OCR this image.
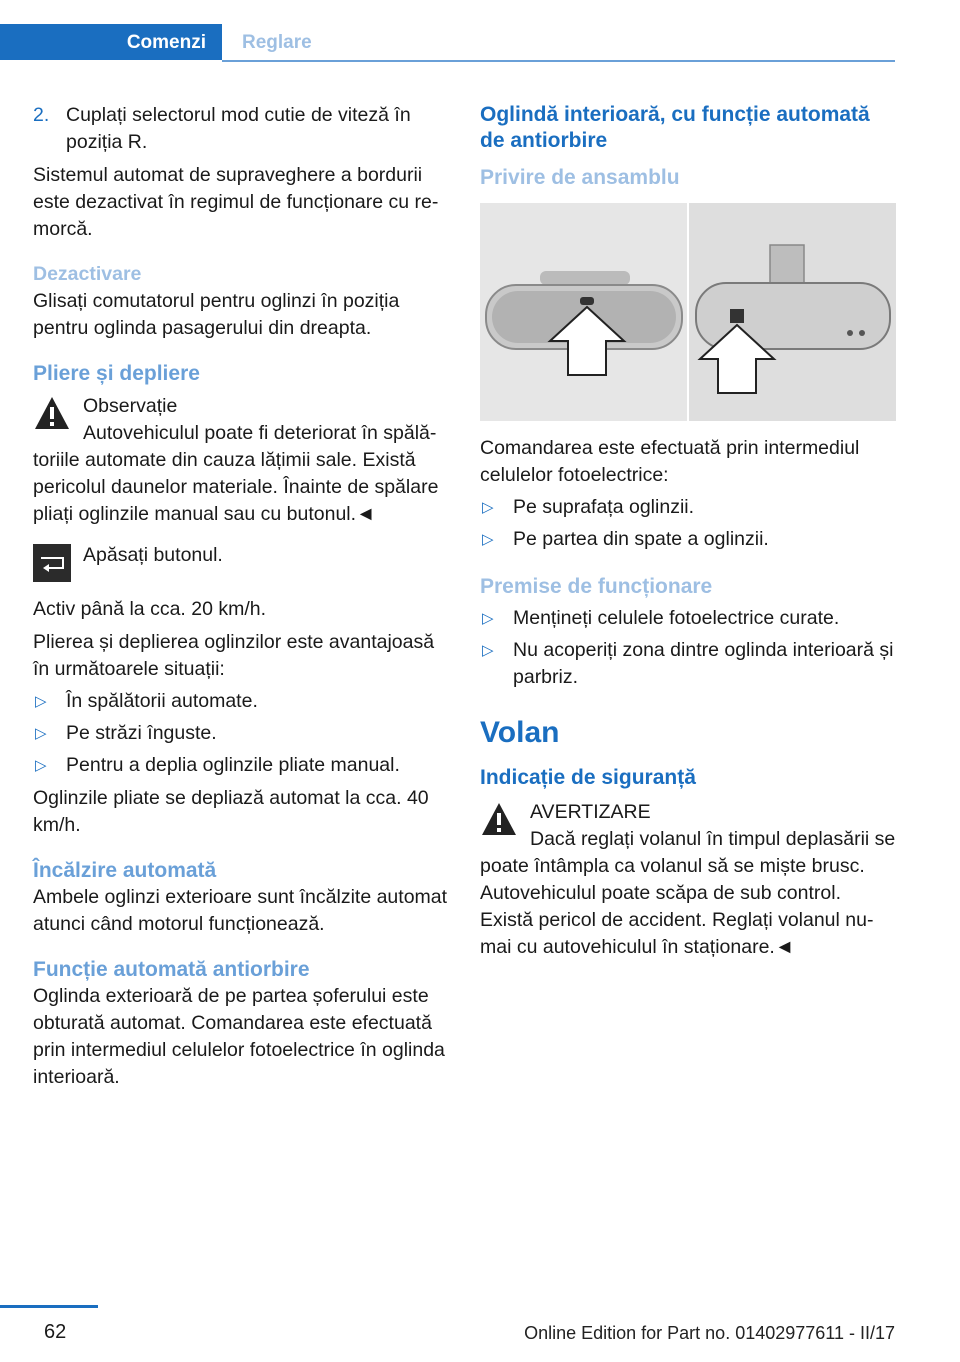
Comenzi Reglare
2. Cuplați selectorul mod cutie de viteză în poziția R.

Sistemul automat de supraveghere a bordurii este dezactivat în regimul de funcționare cu remorcă.

Dezactivare

Glisați comutatorul pentru oglinzi în poziția pentru oglinda pasagerului din dreapta.

Pliere și depliere

Observație

Autovehiculul poate fi deteriorat în spălătoriile automate din cauza lățimii sale. Există pericolul daunelor materiale. Înainte de spălare pliați oglinzile manual sau cu butonul.◄

Apăsați butonul.

Activ până la cca. 20 km/h.

Plierea și deplierea oglinzilor este avantajoasă în următoarele situații:

▷ În spălătorii automate.
▷ Pe străzi înguste.
▷ Pentru a deplia oglinzile pliate manual.

Oglinzile pliate se depliază automat la cca. 40 km/h.

Încălzire automată

Ambele oglinzi exterioare sunt încălzite automat atunci când motorul funcționează.

Funcție automată antiorbire

Oglinda exterioară de pe partea șoferului este obturată automat. Comandarea este efectuată prin intermediul celulelor fotoelectrice în oglinda interioară.

Oglindă interioară, cu funcție automată de antiorbire
Privire de ansamblu

Comandarea este efectuată prin intermediul celulelor fotoelectrice:

▷ Pe suprafața oglinzii.
▷ Pe partea din spate a oglinzii.
Premise de funcționare
▷ Mențineți celulele fotoelectrice curate.
▷ Nu acoperiți zona dintre oglinda interioară și parbriz.
Volan
Indicație de siguranță

AVERTIZARE

Dacă reglați volanul în timpul deplasării se poate întâmpla ca volanul să se miște brusc. Autovehiculul poate scăpa de sub control. Există pericol de accident. Reglați volanul numai cu autovehiculul în staționare.◄

62	Online Edition for Part no. 01402977611 - II/17
